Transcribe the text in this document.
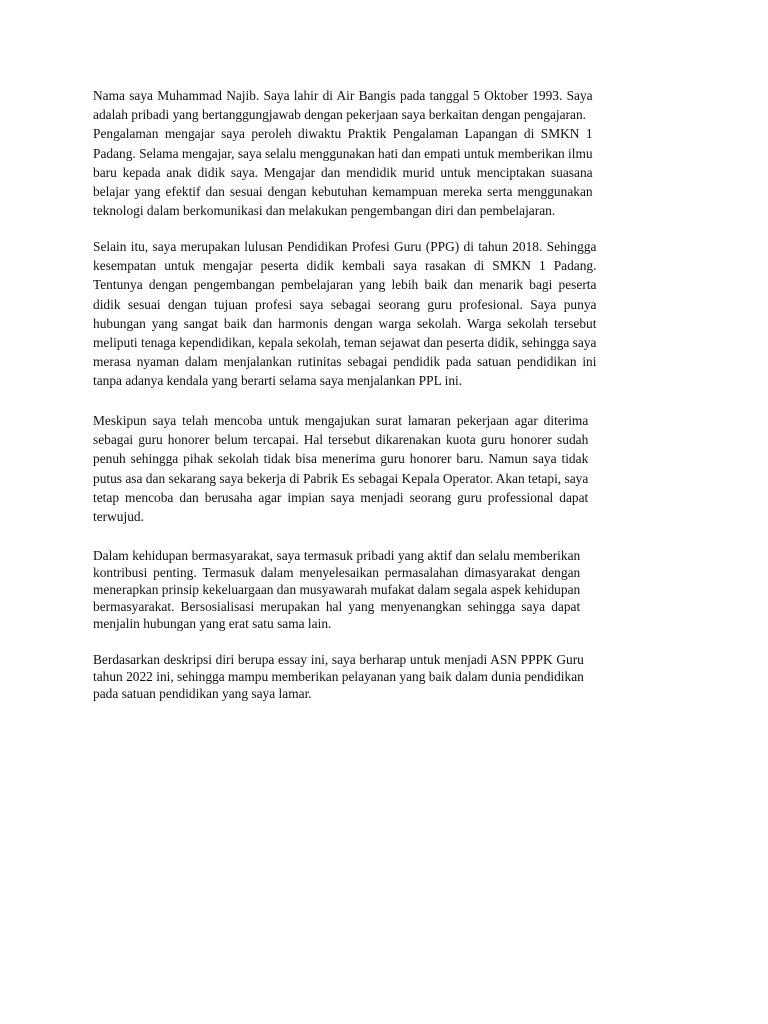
Nama saya Muhammad Najib. Saya lahir di Air Bangis pada tanggal 5 Oktober 1993. Saya
adalah pribadi yang bertanggungjawab dengan pekerjaan saya berkaitan dengan pengajaran.
Pengalaman mengajar saya peroleh diwaktu Praktik Pengalaman Lapangan di SMKN 1
Padang. Selama mengajar, saya selalu menggunakan hati dan empati untuk memberikan ilmu
baru kepada anak didik saya. Mengajar dan mendidik murid untuk menciptakan suasana
belajar yang efektif dan sesuai dengan kebutuhan kemampuan mereka serta menggunakan
teknologi dalam berkomunikasi dan melakukan pengembangan diri dan pembelajaran.
Selain itu, saya merupakan lulusan Pendidikan Profesi Guru (PPG) di tahun 2018. Sehingga
kesempatan untuk mengajar peserta didik kembali saya rasakan di SMKN 1 Padang.
Tentunya dengan pengembangan pembelajaran yang lebih baik dan menarik bagi peserta
didik sesuai dengan tujuan profesi saya sebagai seorang guru profesional. Saya punya
hubungan yang sangat baik dan harmonis dengan warga sekolah. Warga sekolah tersebut
meliputi tenaga kependidikan, kepala sekolah, teman sejawat dan peserta didik, sehingga saya
merasa nyaman dalam menjalankan rutinitas sebagai pendidik pada satuan pendidikan ini
tanpa adanya kendala yang berarti selama saya menjalankan PPL ini.
Meskipun saya telah mencoba untuk mengajukan surat lamaran pekerjaan agar diterima
sebagai guru honorer belum tercapai. Hal tersebut dikarenakan kuota guru honorer sudah
penuh sehingga pihak sekolah tidak bisa menerima guru honorer baru. Namun saya tidak
putus asa dan sekarang saya bekerja di Pabrik Es sebagai Kepala Operator. Akan tetapi, saya
tetap mencoba dan berusaha agar impian saya menjadi seorang guru professional dapat
terwujud.
Dalam kehidupan bermasyarakat, saya termasuk pribadi yang aktif dan selalu memberikan
kontribusi penting. Termasuk dalam menyelesaikan permasalahan dimasyarakat dengan
menerapkan prinsip kekeluargaan dan musyawarah mufakat dalam segala aspek kehidupan
bermasyarakat. Bersosialisasi merupakan hal yang menyenangkan sehingga saya dapat
menjalin hubungan yang erat satu sama lain.
Berdasarkan deskripsi diri berupa essay ini, saya berharap untuk menjadi ASN PPPK Guru
tahun 2022 ini, sehingga mampu memberikan pelayanan yang baik dalam dunia pendidikan
pada satuan pendidikan yang saya lamar.
